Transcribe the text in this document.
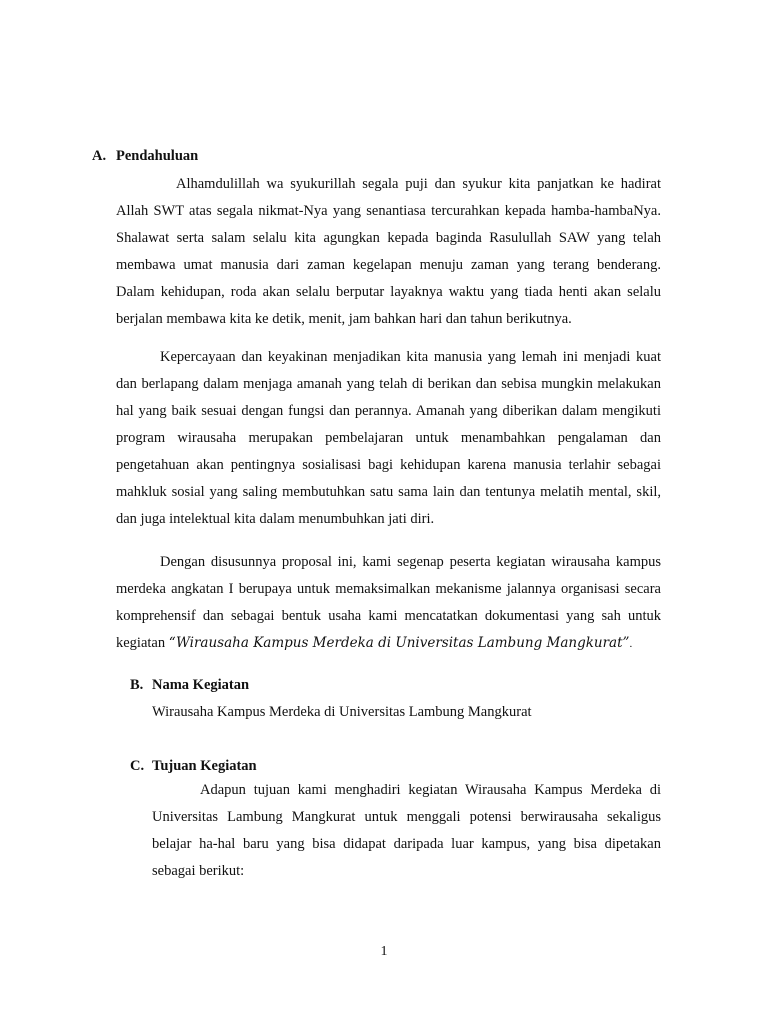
A. Pendahuluan
Alhamdulillah wa syukurillah segala puji dan syukur kita panjatkan ke hadirat
Allah SWT atas segala nikmat-Nya yang senantiasa tercurahkan kepada hamba-hambaNya.
Shalawat serta salam selalu kita agungkan kepada baginda Rasulullah SAW yang telah
membawa umat manusia dari zaman kegelapan menuju zaman yang terang benderang.
Dalam kehidupan, roda akan selalu berputar layaknya waktu yang tiada henti akan selalu
berjalan membawa kita ke detik, menit, jam bahkan hari dan tahun berikutnya.
Kepercayaan dan keyakinan menjadikan kita manusia yang lemah ini menjadi kuat
dan berlapang dalam menjaga amanah yang telah di berikan dan sebisa mungkin melakukan
hal yang baik sesuai dengan fungsi dan perannya. Amanah yang diberikan dalam mengikuti
program wirausaha merupakan pembelajaran untuk menambahkan pengalaman dan
pengetahuan akan pentingnya sosialisasi bagi kehidupan karena manusia terlahir sebagai
mahkluk sosial yang saling membutuhkan satu sama lain dan tentunya melatih mental, skil,
dan juga intelektual kita dalam menumbuhkan jati diri.
Dengan disusunnya proposal ini, kami segenap peserta kegiatan wirausaha kampus
merdeka angkatan I berupaya untuk memaksimalkan mekanisme jalannya organisasi secara
komprehensif dan sebagai bentuk usaha kami mencatatkan dokumentasi yang sah untuk
kegiatan “Wirausaha Kampus Merdeka di Universitas Lambung Mangkurat”.
B. Nama Kegiatan
Wirausaha Kampus Merdeka di Universitas Lambung Mangkurat
C. Tujuan Kegiatan
Adapun tujuan kami menghadiri kegiatan Wirausaha Kampus Merdeka di
Universitas Lambung Mangkurat untuk menggali potensi berwirausaha sekaligus
belajar ha-hal baru yang bisa didapat daripada luar kampus, yang bisa dipetakan
sebagai berikut:
1
